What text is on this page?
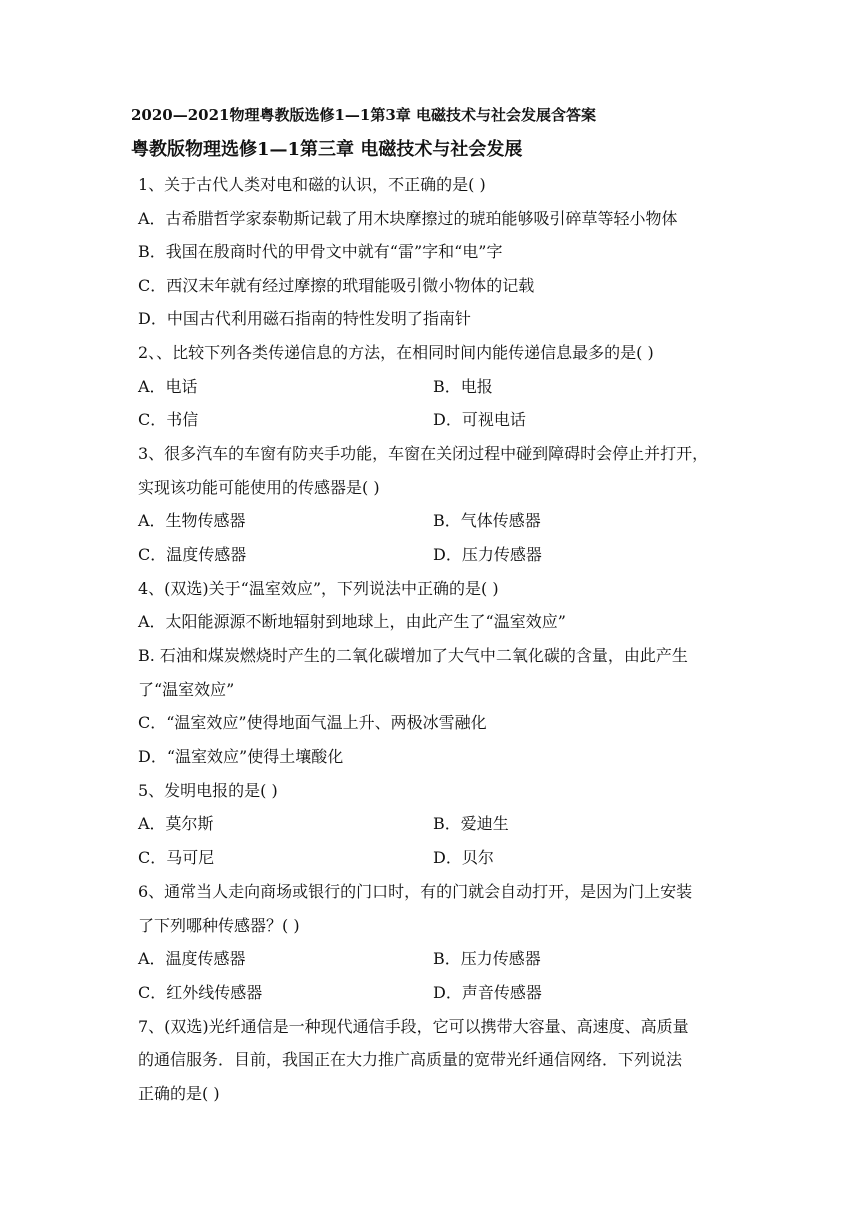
2020—2021物理粤教版选修1—1第3章 电磁技术与社会发展含答案
粤教版物理选修1—1第三章 电磁技术与社会发展
1、关于古代人类对电和磁的认识，不正确的是( )
A．古希腊哲学家泰勒斯记载了用木块摩擦过的琥珀能够吸引碎草等轻小物体
B．我国在殷商时代的甲骨文中就有“雷”字和“电”字
C．西汉末年就有经过摩擦的玳瑁能吸引微小物体的记载
D．中国古代利用磁石指南的特性发明了指南针
2、、比较下列各类传递信息的方法，在相同时间内能传递信息最多的是( )
A．电话	B．电报
C．书信	D．可视电话
3、很多汽车的车窗有防夹手功能，车窗在关闭过程中碰到障碍时会停止并打开，
实现该功能可能使用的传感器是( )
A．生物传感器	B．气体传感器
C．温度传感器	D．压力传感器
4、(双选)关于“温室效应”，下列说法中正确的是( )
A．太阳能源源不断地辐射到地球上，由此产生了“温室效应”
B. 石油和煤炭燃烧时产生的二氧化碳增加了大气中二氧化碳的含量，由此产生
了“温室效应”
C．“温室效应”使得地面气温上升、两极冰雪融化
D．“温室效应”使得土壤酸化
5、发明电报的是( )
A．莫尔斯	B．爱迪生
C．马可尼	D．贝尔
6、通常当人走向商场或银行的门口时，有的门就会自动打开，是因为门上安装
了下列哪种传感器？( )
A．温度传感器	B．压力传感器
C．红外线传感器	D．声音传感器
7、(双选)光纤通信是一种现代通信手段，它可以携带大容量、高速度、高质量
的通信服务．目前，我国正在大力推广高质量的宽带光纤通信网络．下列说法
正确的是( )
